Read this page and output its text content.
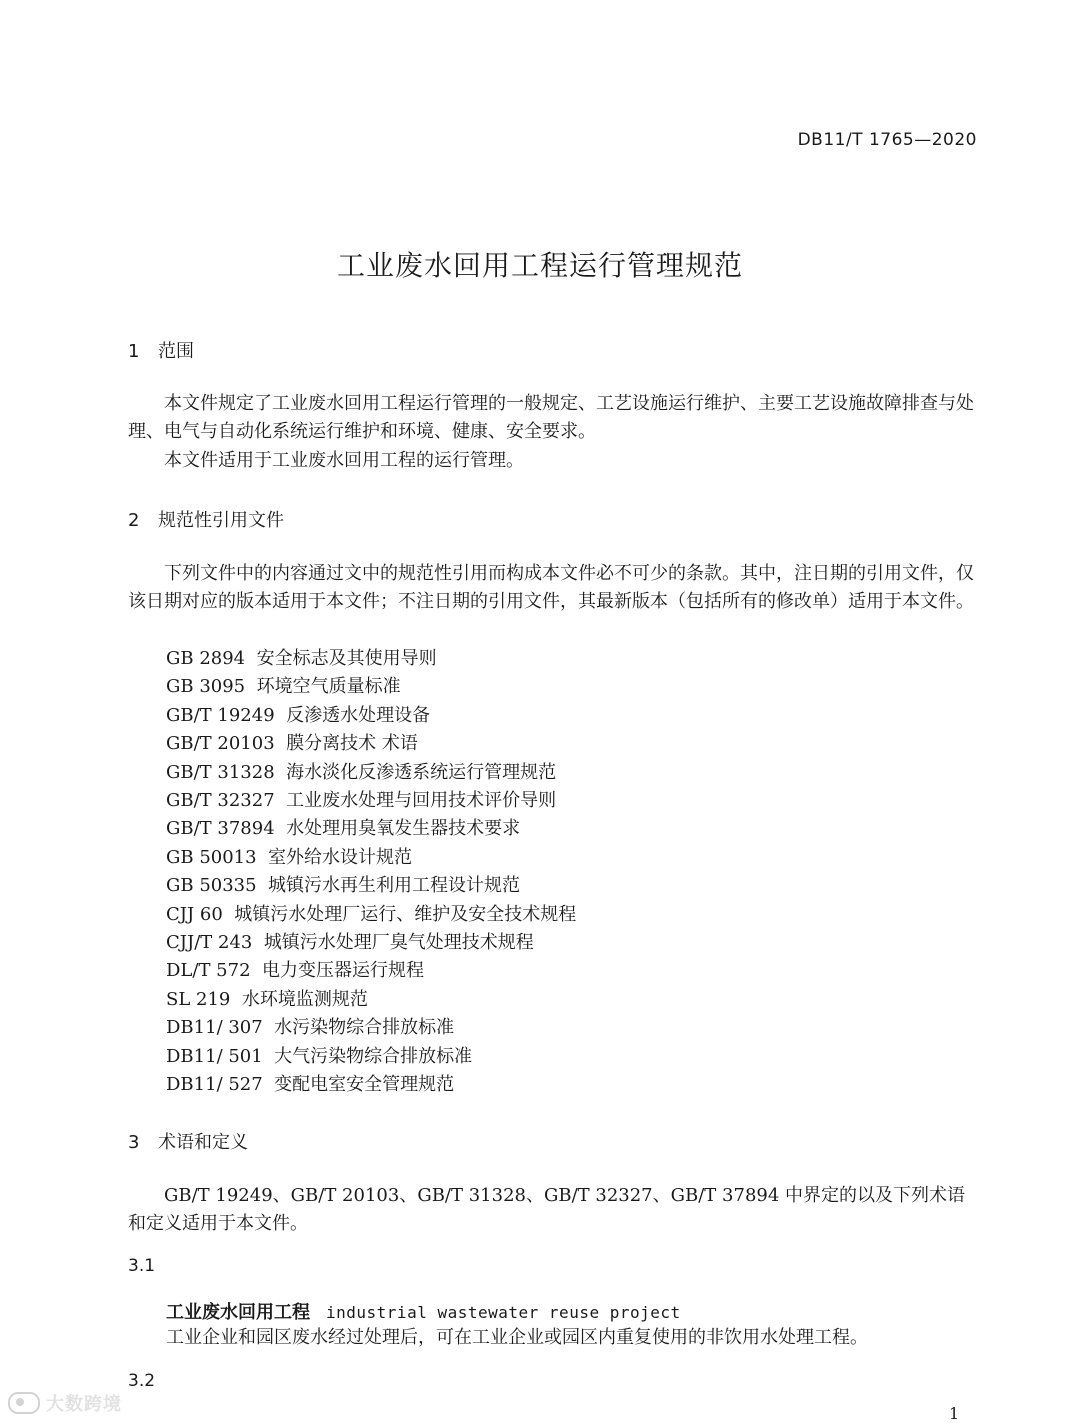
DB11/T 1765—2020
工业废水回用工程运行管理规范
1 范围
本文件规定了工业废水回用工程运行管理的一般规定、工艺设施运行维护、主要工艺设施故障排查与处理、电气与自动化系统运行维护和环境、健康、安全要求。
本文件适用于工业废水回用工程的运行管理。
2 规范性引用文件
下列文件中的内容通过文中的规范性引用而构成本文件必不可少的条款。其中，注日期的引用文件，仅该日期对应的版本适用于本文件；不注日期的引用文件，其最新版本（包括所有的修改单）适用于本文件。
GB 2894 安全标志及其使用导则
GB 3095 环境空气质量标准
GB/T 19249 反渗透水处理设备
GB/T 20103 膜分离技术 术语
GB/T 31328 海水淡化反渗透系统运行管理规范
GB/T 32327 工业废水处理与回用技术评价导则
GB/T 37894 水处理用臭氧发生器技术要求
GB 50013 室外给水设计规范
GB 50335 城镇污水再生利用工程设计规范
CJJ 60 城镇污水处理厂运行、维护及安全技术规程
CJJ/T 243 城镇污水处理厂臭气处理技术规程
DL/T 572 电力变压器运行规程
SL 219 水环境监测规范
DB11/ 307 水污染物综合排放标准
DB11/ 501 大气污染物综合排放标准
DB11/ 527 变配电室安全管理规范
3 术语和定义
GB/T 19249、GB/T 20103、GB/T 31328、GB/T 32327、GB/T 37894 中界定的以及下列术语和定义适用于本文件。
3.1
工业废水回用工程 industrial wastewater reuse project
工业企业和园区废水经过处理后，可在工业企业或园区内重复使用的非饮用水处理工程。
3.2
大数跨境	1
